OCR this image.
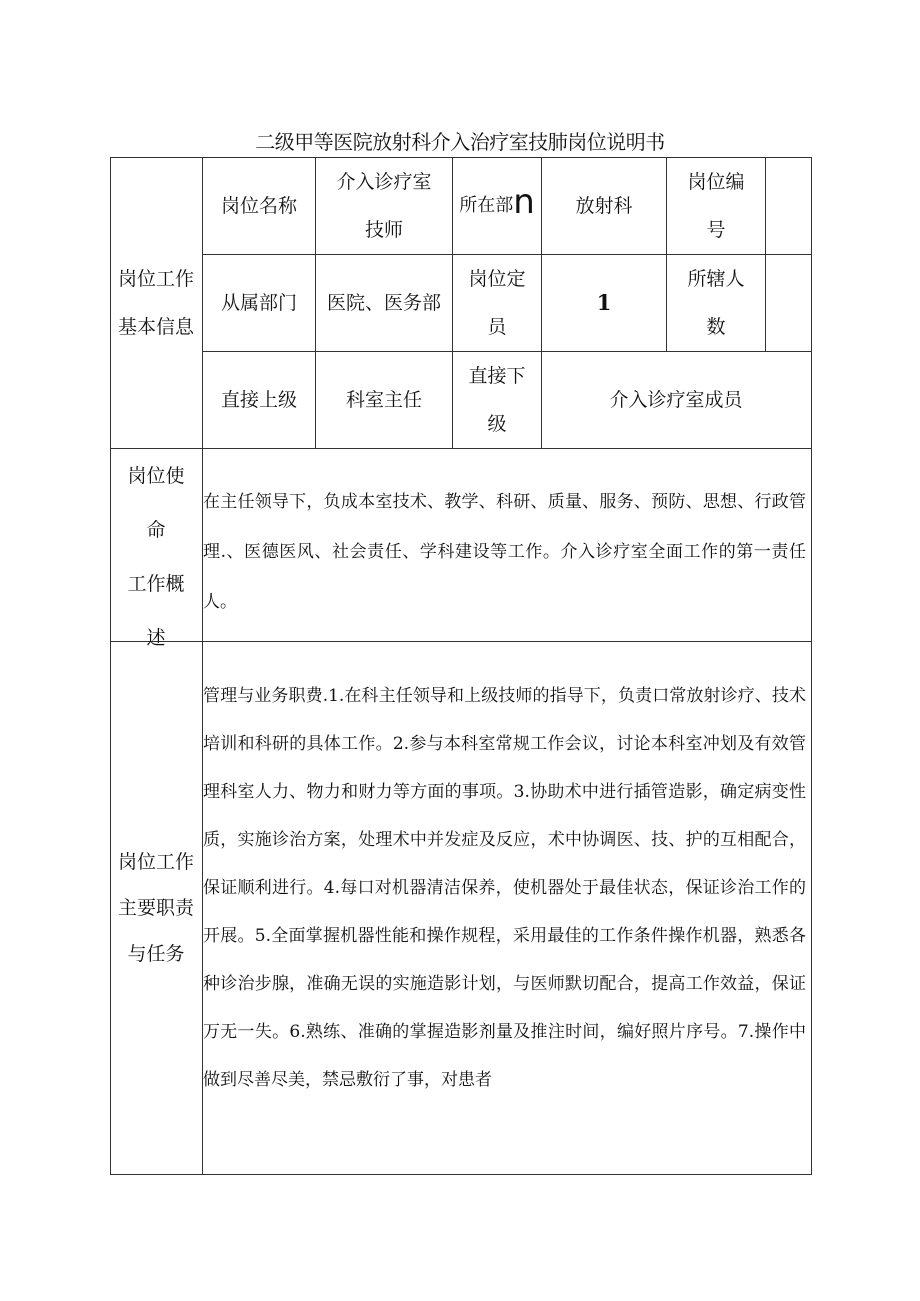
二级甲等医院放射科介入治疗室技肺岗位说明书
岗位工作
基本信息
岗位名称
介入诊疗室
技师
所在部 n 放射科
岗位编
号
从属部门 医院、医务部
岗位定
员
1
所辖人
数
直接上级	科室主任
直接下
级
介入诊疗室成员
岗位使
命
工作概
述
在主任领导下，负成本室技术、教学、科研、质量、服务、预防、思想、行政管理.、医德医风、社会责任、学科建设等工作。介入诊疗室全面工作的第一责任人。
岗位工作
主要职责
与任务
管理与业务职费.1.在科主任领导和上级技师的指导下，负责口常放射诊疗、技术培训和科研的具体工作。2.参与本科室常规工作会议，讨论本科室冲划及有效管理科室人力、物力和财力等方面的事项。3.协助术中进行插管造影，确定病变性质，实施诊治方案，处理术中并发症及反应，术中协调医、技、护的互相配合，保证顺利进行。4.每口对机器清洁保养，使机器处于最佳状态，保证诊治工作的开展。5.全面掌握机器性能和操作规程，采用最佳的工作条件操作机器，熟悉各种诊治步腺，准确无误的实施造影计划，与医师默切配合，提高工作效益，保证万无一失。6.熟练、准确的掌握造影剂量及推注时间，编好照片序号。7.操作中做到尽善尽美，禁忌敷衍了事，对患者
